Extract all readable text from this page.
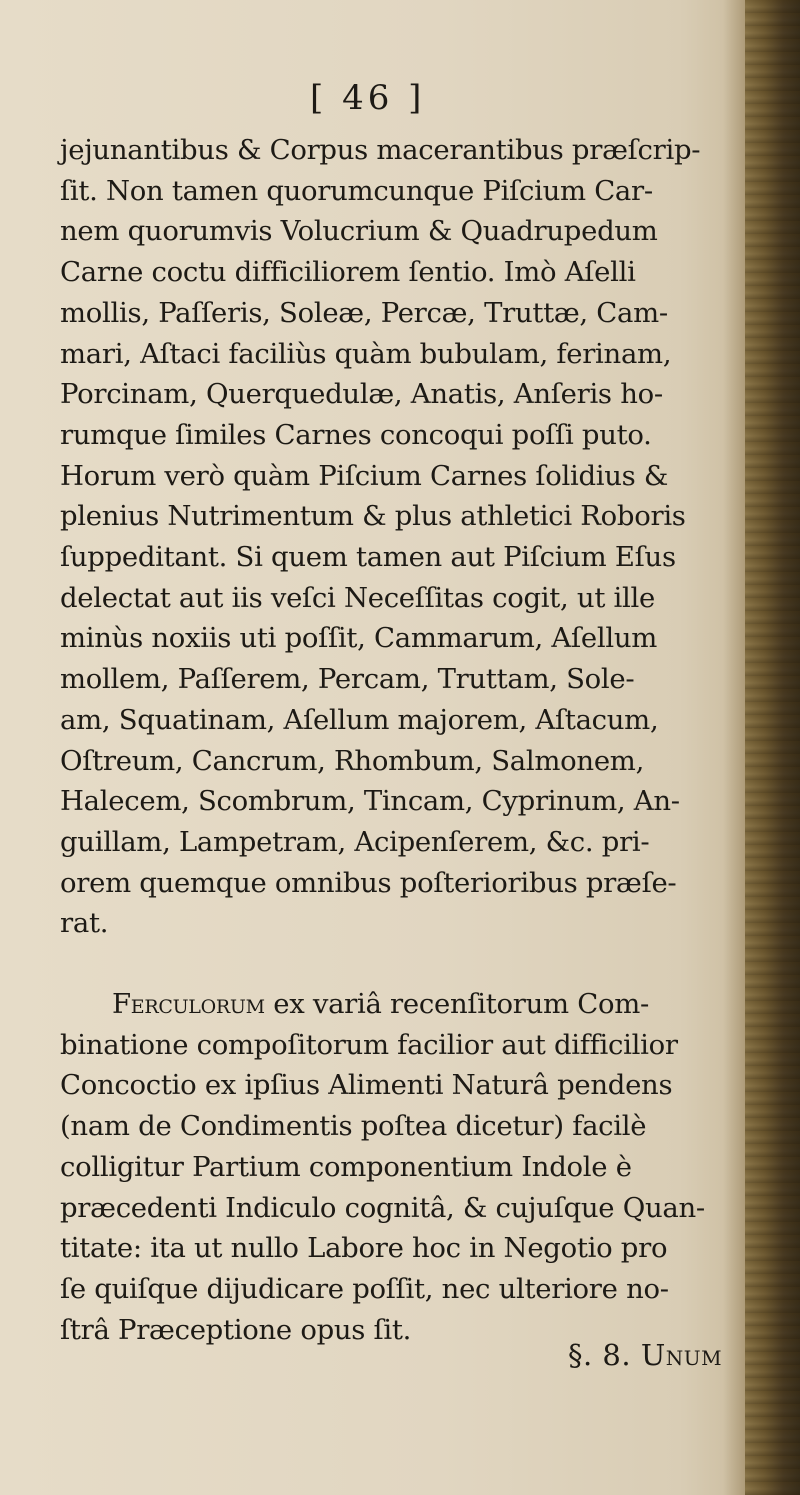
[ 46 ]
jejunantibus & Corpus macerantibus præſcrip-
ſit. Non tamen quorumcunque Piſcium Car-
nem quorumvis Volucrium & Quadrupedum
Carne coctu difficiliorem ſentio. Imò Aſelli
mollis, Paſſeris, Soleæ, Percæ, Truttæ, Cam-
mari, Aſtaci faciliùs quàm bubulam, ferinam,
Porcinam, Querquedulæ, Anatis, Anſeris ho-
rumque ſimiles Carnes concoqui poſſi puto.
Horum verò quàm Piſcium Carnes ſolidius &
plenius Nutrimentum & plus athletici Roboris
ſuppeditant. Si quem tamen aut Piſcium Eſus
delectat aut iis veſci Neceſſitas cogit, ut ille
minùs noxiis uti poſſit, Cammarum, Aſellum
mollem, Paſſerem, Percam, Truttam, Sole-
am, Squatinam, Aſellum majorem, Aſtacum,
Oſtreum, Cancrum, Rhombum, Salmonem,
Halecem, Scombrum, Tincam, Cyprinum, An-
guillam, Lampetram, Acipenſerem, &c. pri-
orem quemque omnibus poſterioribus præſe-
rat.
Ferculorum ex variâ recenſitorum Com-
binatione compoſitorum facilior aut difficilior
Concoctio ex ipſius Alimenti Naturâ pendens
(nam de Condimentis poſtea dicetur) facilè
colligitur Partium componentium Indole è
præcedenti Indiculo cognitâ, & cujuſque Quan-
titate: ita ut nullo Labore hoc in Negotio pro
ſe quiſque dijudicare poſſit, nec ulteriore no-
ſtrâ Præceptione opus ſit.
§. 8. Unum
